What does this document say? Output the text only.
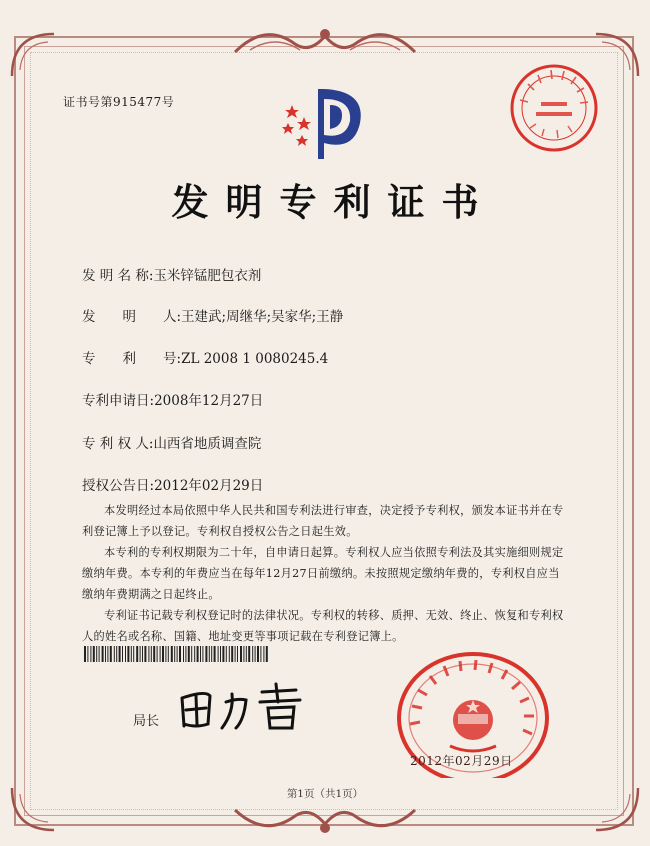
证书号第915477号
发明专利证书
发 明 名 称:玉米锌锰肥包衣剂
发　　明　　人:王建武;周继华;吴家华;王静
专　　利　　号:ZL 2008 1 0080245.4
专利申请日:2008年12月27日
专 利 权 人:山西省地质调查院
授权公告日:2012年02月29日

本发明经过本局依照中华人民共和国专利法进行审查，决定授予专利权，颁发本证书并在专利登记簿上予以登记。专利权自授权公告之日起生效。

本专利的专利权期限为二十年，自申请日起算。专利权人应当依照专利法及其实施细则规定缴纳年费。本专利的年费应当在每年12月27日前缴纳。未按照规定缴纳年费的，专利权自应当缴纳年费期满之日起终止。

专利证书记载专利权登记时的法律状况。专利权的转移、质押、无效、终止、恢复和专利权人的姓名或名称、国籍、地址变更等事项记载在专利登记簿上。

局长
2012年02月29日
第1页（共1页）
